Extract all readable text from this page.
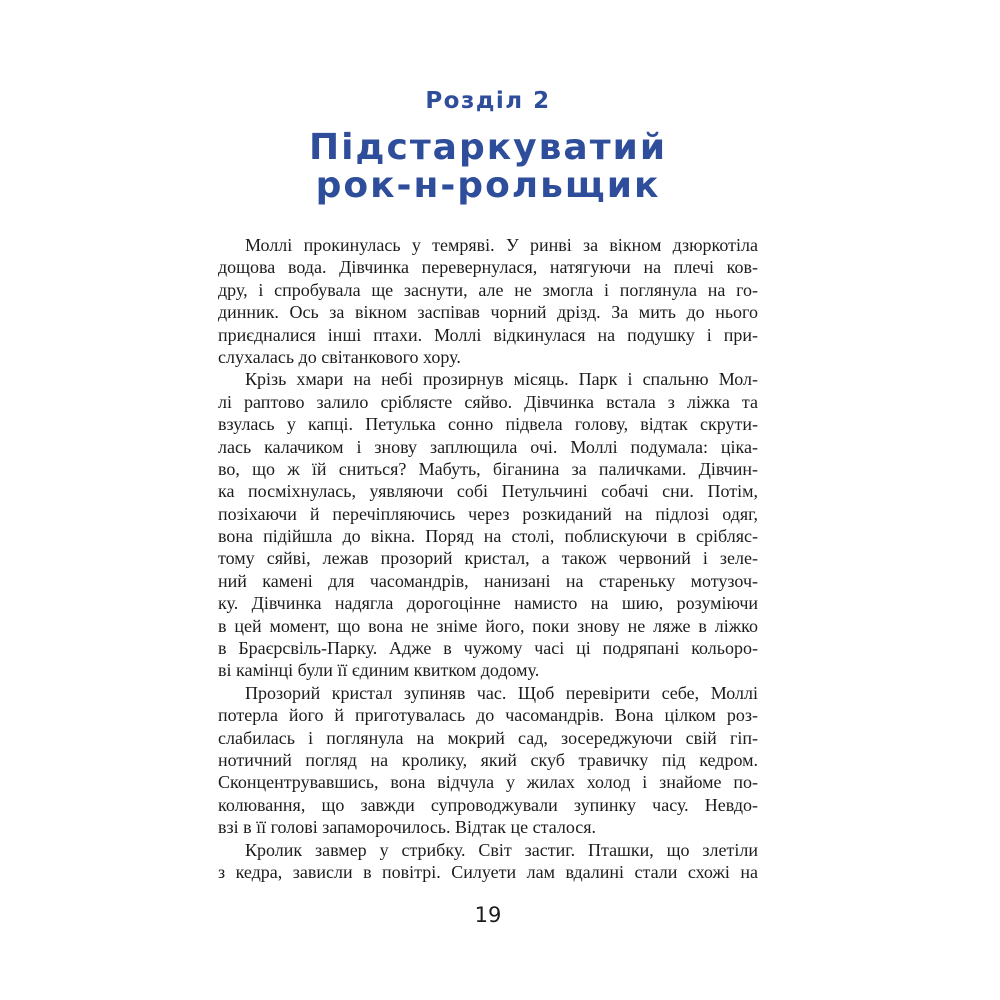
Розділ 2
Підстаркуватий
рок-н-рольщик

Моллі прокинулась у темряві. У ринві за вікном дзюркотіла
дощова вода. Дівчинка перевернулася, натягуючи на плечі ков-
дру, і спробувала ще заснути, але не змогла і поглянула на го-
динник. Ось за вікном заспівав чорний дрізд. За мить до нього
приєдналися інші птахи. Моллі відкинулася на подушку і при-
слухалась до світанкового хору.

Крізь хмари на небі прозирнув місяць. Парк і спальню Мол-
лі раптово залило сріблясте сяйво. Дівчинка встала з ліжка та
взулась у капці. Петулька сонно підвела голову, відтак скрути-
лась калачиком і знову заплющила очі. Моллі подумала: ціка-
во, що ж їй сниться? Мабуть, біганина за паличками. Дівчин-
ка посміхнулась, уявляючи собі Петульчині собачі сни. Потім,
позіхаючи й перечіпляючись через розкиданий на підлозі одяг,
вона підійшла до вікна. Поряд на столі, поблискуючи в срібляс-
тому сяйві, лежав прозорий кристал, а також червоний і зеле-
ний камені для часомандрів, нанизані на стареньку мотузоч-
ку. Дівчинка надягла дорогоцінне намисто на шию, розуміючи
в цей момент, що вона не зніме його, поки знову не ляже в ліжко
в Браєрсвіль-Парку. Адже в чужому часі ці подряпані кольоро-
ві камінці були її єдиним квитком додому.

Прозорий кристал зупиняв час. Щоб перевірити себе, Моллі
потерла його й приготувалась до часомандрів. Вона цілком роз-
слабилась і поглянула на мокрий сад, зосереджуючи свій гіп-
нотичний погляд на кролику, який скуб травичку під кедром.
Сконцентрувавшись, вона відчула у жилах холод і знайоме по-
колювання, що завжди супроводжували зупинку часу. Невдо-
взі в її голові запаморочилось. Відтак це сталося.

Кролик завмер у стрибку. Світ застиг. Пташки, що злетіли
з кедра, зависли в повітрі. Силуети лам вдалині стали схожі на

19
